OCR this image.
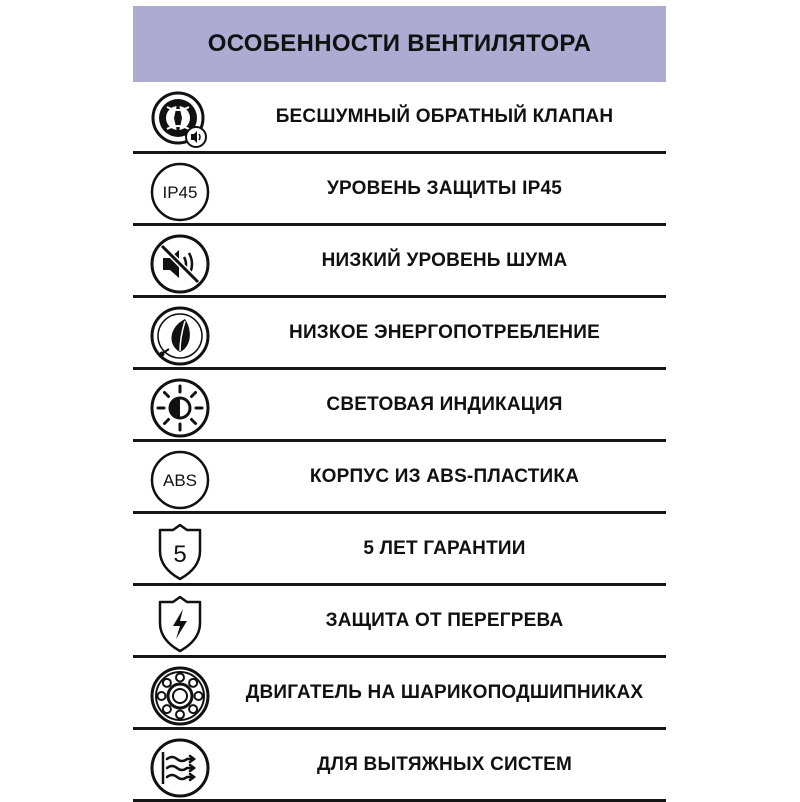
ОСОБЕННОСТИ ВЕНТИЛЯТОРА
БЕСШУМНЫЙ ОБРАТНЫЙ КЛАПАН
IP45	УРОВЕНЬ ЗАЩИТЫ IP45
НИЗКИЙ УРОВЕНЬ ШУМА
НИЗКОЕ ЭНЕРГОПОТРЕБЛЕНИЕ
СВЕТОВАЯ ИНДИКАЦИЯ
ABS	КОРПУС ИЗ ABS-ПЛАСТИКА
5	5 ЛЕТ ГАРАНТИИ
ЗАЩИТА ОТ ПЕРЕГРЕВА
ДВИГАТЕЛЬ НА ШАРИКОПОДШИПНИКАХ
ДЛЯ ВЫТЯЖНЫХ СИСТЕМ
